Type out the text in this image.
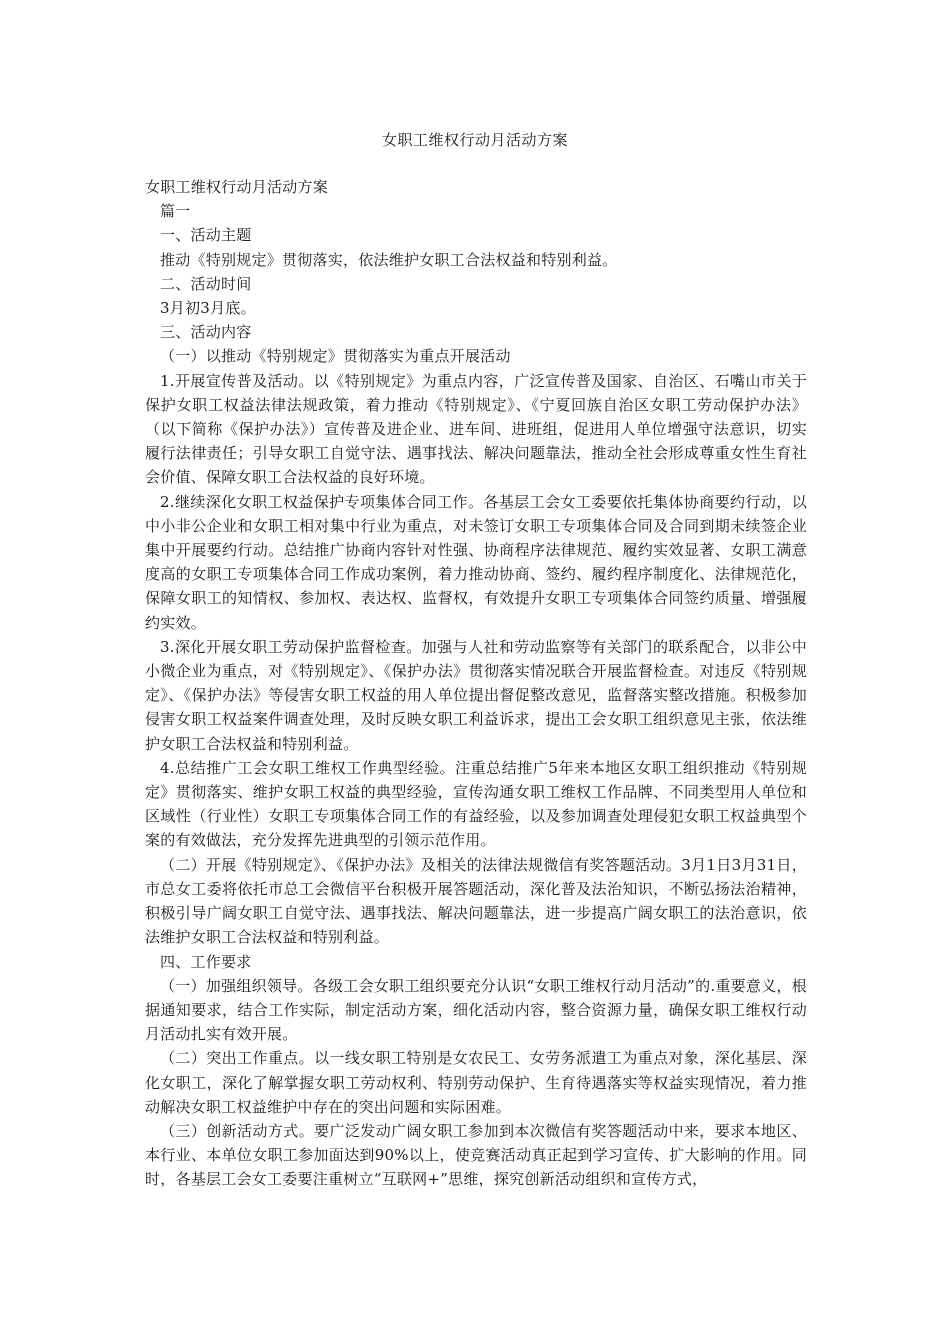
女职工维权行动月活动方案

女职工维权行动月活动方案

篇一

一、活动主题

推动《特别规定》贯彻落实，依法维护女职工合法权益和特别利益。

二、活动时间

3月初3月底。

三、活动内容

（一）以推动《特别规定》贯彻落实为重点开展活动

1.开展宣传普及活动。以《特别规定》为重点内容，广泛宣传普及国家、自治区、石嘴山市关于保护女职工权益法律法规政策，着力推动《特别规定》、《宁夏回族自治区女职工劳动保护办法》（以下简称《保护办法》）宣传普及进企业、进车间、进班组，促进用人单位增强守法意识，切实履行法律责任；引导女职工自觉守法、遇事找法、解决问题靠法，推动全社会形成尊重女性生育社会价值、保障女职工合法权益的良好环境。

2.继续深化女职工权益保护专项集体合同工作。各基层工会女工委要依托集体协商要约行动，以中小非公企业和女职工相对集中行业为重点，对未签订女职工专项集体合同及合同到期未续签企业集中开展要约行动。总结推广协商内容针对性强、协商程序法律规范、履约实效显著、女职工满意度高的女职工专项集体合同工作成功案例，着力推动协商、签约、履约程序制度化、法律规范化，保障女职工的知情权、参加权、表达权、监督权，有效提升女职工专项集体合同签约质量、增强履约实效。

3.深化开展女职工劳动保护监督检查。加强与人社和劳动监察等有关部门的联系配合，以非公中小微企业为重点，对《特别规定》、《保护办法》贯彻落实情况联合开展监督检查。对违反《特别规定》、《保护办法》等侵害女职工权益的用人单位提出督促整改意见，监督落实整改措施。积极参加侵害女职工权益案件调查处理，及时反映女职工利益诉求，提出工会女职工组织意见主张，依法维护女职工合法权益和特别利益。

4.总结推广工会女职工维权工作典型经验。注重总结推广5年来本地区女职工组织推动《特别规定》贯彻落实、维护女职工权益的典型经验，宣传沟通女职工维权工作品牌、不同类型用人单位和区域性（行业性）女职工专项集体合同工作的有益经验，以及参加调查处理侵犯女职工权益典型个案的有效做法，充分发挥先进典型的引领示范作用。

（二）开展《特别规定》、《保护办法》及相关的法律法规微信有奖答题活动。3月1日3月31日，市总女工委将依托市总工会微信平台积极开展答题活动，深化普及法治知识，不断弘扬法治精神，积极引导广阔女职工自觉守法、遇事找法、解决问题靠法，进一步提高广阔女职工的法治意识，依法维护女职工合法权益和特别利益。

四、工作要求

（一）加强组织领导。各级工会女职工组织要充分认识“女职工维权行动月活动”的.重要意义，根据通知要求，结合工作实际，制定活动方案，细化活动内容，整合资源力量，确保女职工维权行动月活动扎实有效开展。

（二）突出工作重点。以一线女职工特别是女农民工、女劳务派遣工为重点对象，深化基层、深化女职工，深化了解掌握女职工劳动权利、特别劳动保护、生育待遇落实等权益实现情况，着力推动解决女职工权益维护中存在的突出问题和实际困难。

（三）创新活动方式。要广泛发动广阔女职工参加到本次微信有奖答题活动中来，要求本地区、本行业、本单位女职工参加面达到90%以上，使竞赛活动真正起到学习宣传、扩大影响的作用。同时，各基层工会女工委要注重树立“互联网+”思维，探究创新活动组织和宣传方式，
